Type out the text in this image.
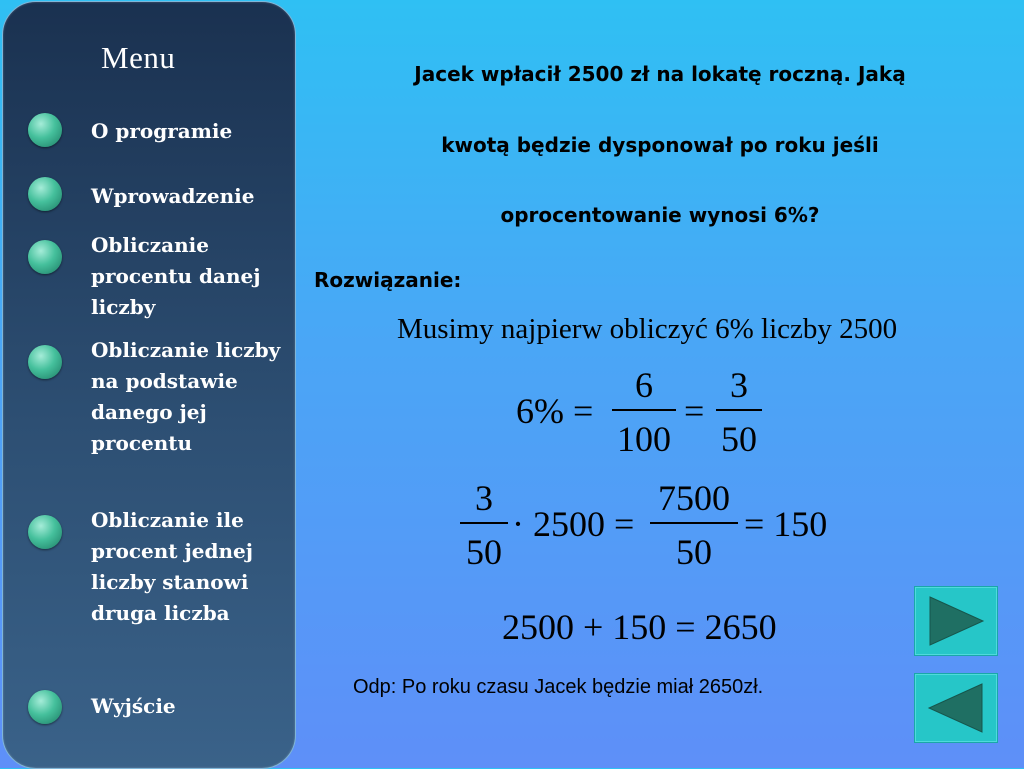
Menu
O programie
Wprowadzenie
Obliczanie procentu danej liczby
Obliczanie liczby na podstawie danego jej procentu
Obliczanie ile procent jednej liczby stanowi druga liczba
Wyjście
Jacek wpłacił 2500 zł na lokatę roczną. Jaką
kwotą będzie dysponował po roku jeśli
oprocentowanie wynosi 6%?
Rozwiązanie:
Musimy najpierw obliczyć 6% liczby 2500
6% =
6
100
=
3
50
3
50
· 2500 =
7500
50
= 150
2500 + 150 = 2650
Odp: Po roku czasu Jacek będzie miał 2650zł.
